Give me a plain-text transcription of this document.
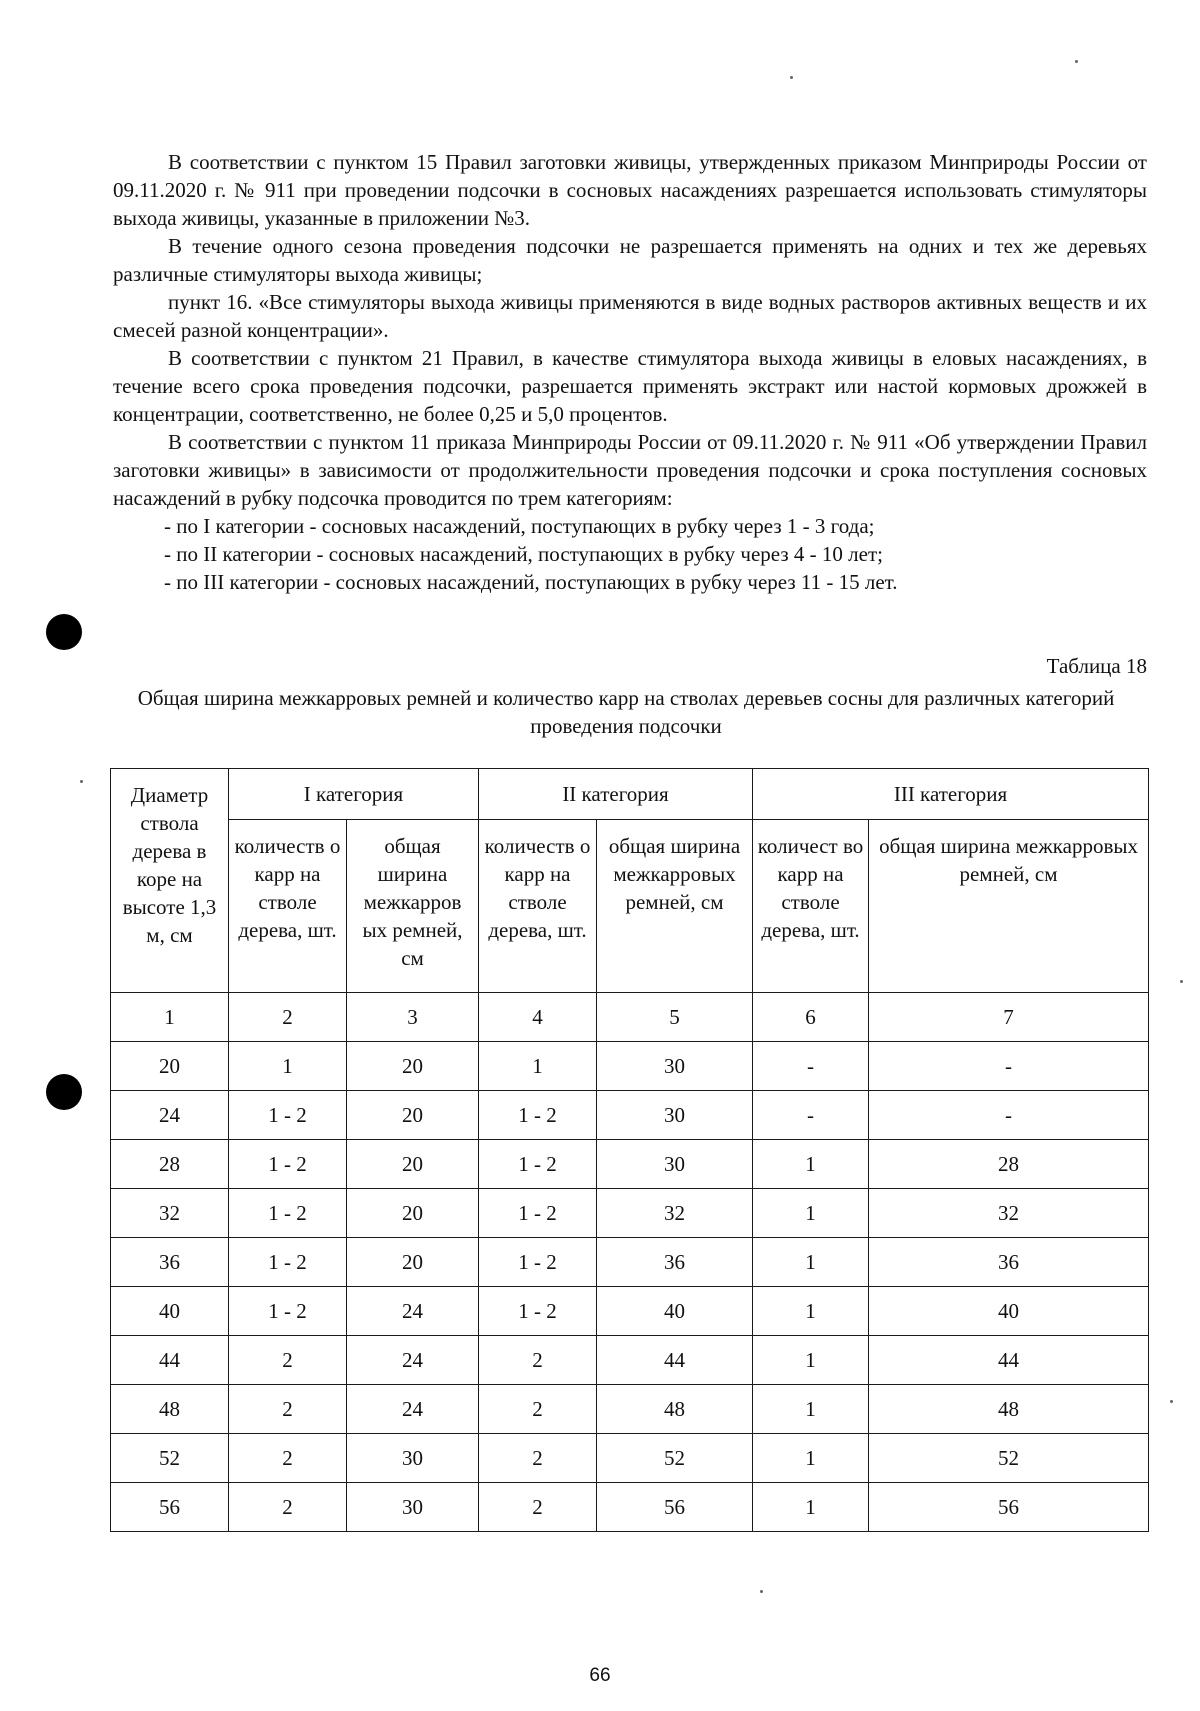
В соответствии с пунктом 15 Правил заготовки живицы, утвержденных приказом Минприроды России от 09.11.2020 г. № 911 при проведении подсочки в сосновых насаждениях разрешается использовать стимуляторы выхода живицы, указанные в приложении №3.

В течение одного сезона проведения подсочки не разрешается применять на одних и тех же деревьях различные стимуляторы выхода живицы;

пункт 16. «Все стимуляторы выхода живицы применяются в виде водных растворов активных веществ и их смесей разной концентрации».

В соответствии с пунктом 21 Правил, в качестве стимулятора выхода живицы в еловых насаждениях, в течение всего срока проведения подсочки, разрешается применять экстракт или настой кормовых дрожжей в концентрации, соответственно, не более 0,25 и 5,0 процентов.

В соответствии с пунктом 11 приказа Минприроды России от 09.11.2020 г. № 911 «Об утверждении Правил заготовки живицы» в зависимости от продолжительности проведения подсочки и срока поступления сосновых насаждений в рубку подсочка проводится по трем категориям:

- по I категории - сосновых насаждений, поступающих в рубку через 1 - 3 года;

- по II категории - сосновых насаждений, поступающих в рубку через 4 - 10 лет;

- по III категории - сосновых насаждений, поступающих в рубку через 11 - 15 лет.

Таблица 18
Общая ширина межкарровых ремней и количество карр на стволах деревьев сосны для различных категорий проведения подсочки
Диаметр ствола дерева в коре на высоте 1,3 м, см	I категория		II категория		III категория	
	количеств о карр на стволе дерева, шт.	общая ширина межкарров ых ремней, см	количеств о карр на стволе дерева, шт.	общая ширина межкарровых ремней, см	количест во карр на стволе дерева, шт.	общая ширина межкарровых ремней, см
1	2	3	4	5	6	7
20	1	20	1	30	-	-
24	1 - 2	20	1 - 2	30	-	-
28	1 - 2	20	1 - 2	30	1	28
32	1 - 2	20	1 - 2	32	1	32
36	1 - 2	20	1 - 2	36	1	36
40	1 - 2	24	1 - 2	40	1	40
44	2	24	2	44	1	44
48	2	24	2	48	1	48
52	2	30	2	52	1	52
56	2	30	2	56	1	56
66
